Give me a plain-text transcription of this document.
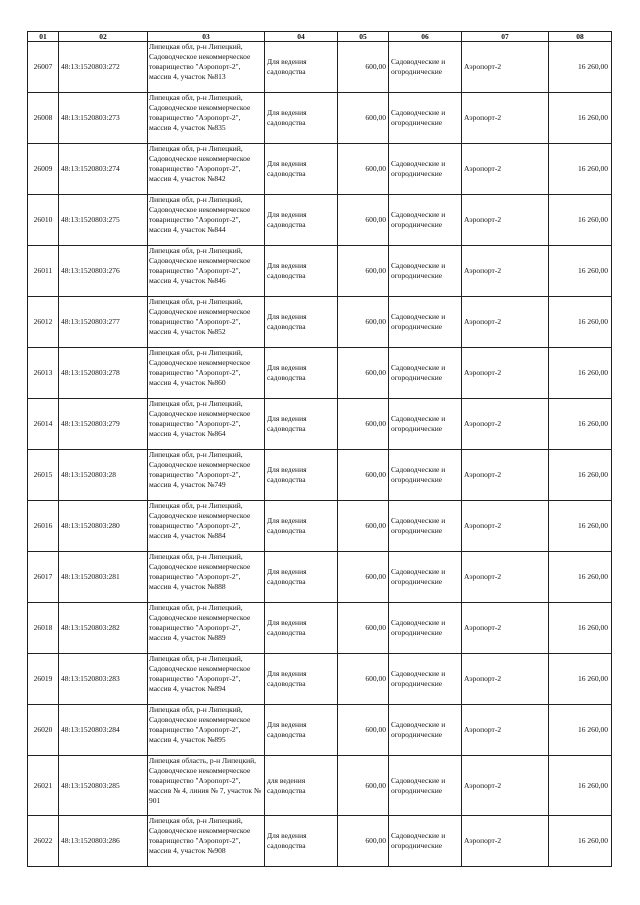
01	02	03	04	05	06	07	08
26007	48:13:1520803:272	Липецкая обл, р-н Липецкий, Садоводческое некоммерческое товарищество "Аэропорт-2", массив 4, участок №813	Для ведения садоводства	600,00	Садоводческие и огороднические	Аэропорт-2	16 260,00
26008	48:13:1520803:273	Липецкая обл, р-н Липецкий, Садоводческое некоммерческое товарищество "Аэропорт-2", массив 4, участок №835	Для ведения садоводства	600,00	Садоводческие и огороднические	Аэропорт-2	16 260,00
26009	48:13:1520803:274	Липецкая обл, р-н Липецкий, Садоводческое некоммерческое товарищество "Аэропорт-2", массив 4, участок №842	Для ведения садоводства	600,00	Садоводческие и огороднические	Аэропорт-2	16 260,00
26010	48:13:1520803:275	Липецкая обл, р-н Липецкий, Садоводческое некоммерческое товарищество "Аэропорт-2", массив 4, участок №844	Для ведения садоводства	600,00	Садоводческие и огороднические	Аэропорт-2	16 260,00
26011	48:13:1520803:276	Липецкая обл, р-н Липецкий, Садоводческое некоммерческое товарищество "Аэропорт-2", массив 4, участок №846	Для ведения садоводства	600,00	Садоводческие и огороднические	Аэропорт-2	16 260,00
26012	48:13:1520803:277	Липецкая обл, р-н Липецкий, Садоводческое некоммерческое товарищество "Аэропорт-2", массив 4, участок №852	Для ведения садоводства	600,00	Садоводческие и огороднические	Аэропорт-2	16 260,00
26013	48:13:1520803:278	Липецкая обл, р-н Липецкий, Садоводческое некоммерческое товарищество "Аэропорт-2", массив 4, участок №860	Для ведения садоводства	600,00	Садоводческие и огороднические	Аэропорт-2	16 260,00
26014	48:13:1520803:279	Липецкая обл, р-н Липецкий, Садоводческое некоммерческое товарищество "Аэропорт-2", массив 4, участок №864	Для ведения садоводства	600,00	Садоводческие и огороднические	Аэропорт-2	16 260,00
26015	48:13:1520803:28	Липецкая обл, р-н Липецкий, Садоводческое некоммерческое товарищество "Аэропорт-2", массив 4, участок №749	Для ведения садоводства	600,00	Садоводческие и огороднические	Аэропорт-2	16 260,00
26016	48:13:1520803:280	Липецкая обл, р-н Липецкий, Садоводческое некоммерческое товарищество "Аэропорт-2", массив 4, участок №884	Для ведения садоводства	600,00	Садоводческие и огороднические	Аэропорт-2	16 260,00
26017	48:13:1520803:281	Липецкая обл, р-н Липецкий, Садоводческое некоммерческое товарищество "Аэропорт-2", массив 4, участок №888	Для ведения садоводства	600,00	Садоводческие и огороднические	Аэропорт-2	16 260,00
26018	48:13:1520803:282	Липецкая обл, р-н Липецкий, Садоводческое некоммерческое товарищество "Аэропорт-2", массив 4, участок №889	Для ведения садоводства	600,00	Садоводческие и огороднические	Аэропорт-2	16 260,00
26019	48:13:1520803:283	Липецкая обл, р-н Липецкий, Садоводческое некоммерческое товарищество "Аэропорт-2", массив 4, участок №894	Для ведения садоводства	600,00	Садоводческие и огороднические	Аэропорт-2	16 260,00
26020	48:13:1520803:284	Липецкая обл, р-н Липецкий, Садоводческое некоммерческое товарищество "Аэропорт-2", массив 4, участок №895	Для ведения садоводства	600,00	Садоводческие и огороднические	Аэропорт-2	16 260,00
26021	48:13:1520803:285	Липецкая область, р-н Липецкий, Садоводческое некоммерческое товарищество "Аэропорт-2", массив № 4, линия № 7, участок № 901	для ведения садоводства	600,00	Садоводческие и огороднические	Аэропорт-2	16 260,00
26022	48:13:1520803:286	Липецкая обл, р-н Липецкий, Садоводческое некоммерческое товарищество "Аэропорт-2", массив 4, участок №908	Для ведения садоводства	600,00	Садоводческие и огороднические	Аэропорт-2	16 260,00
